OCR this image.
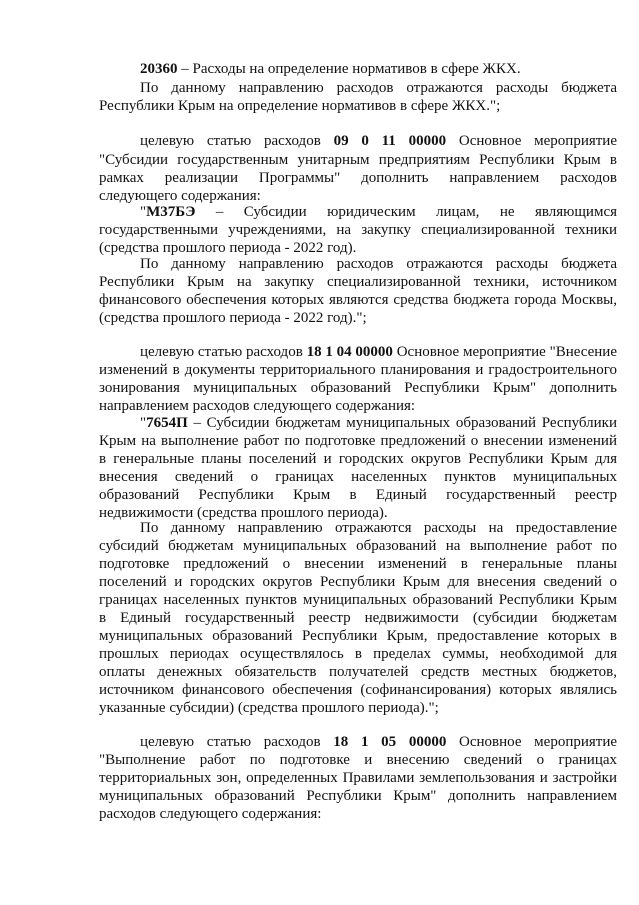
20360 – Расходы на определение нормативов в сфере ЖКХ.
По данному направлению расходов отражаются расходы бюджета
Республики Крым на определение нормативов в сфере ЖКХ.";
целевую статью расходов 09 0 11 00000 Основное мероприятие
"Субсидии государственным унитарным предприятиям Республики Крым в
рамках реализации Программы" дополнить направлением расходов
следующего содержания:
"М37БЭ – Субсидии юридическим лицам, не являющимся
государственными учреждениями, на закупку специализированной техники
(средства прошлого периода - 2022 год).
По данному направлению расходов отражаются расходы бюджета
Республики Крым на закупку специализированной техники, источником
финансового обеспечения которых являются средства бюджета города Москвы,
(средства прошлого периода - 2022 год).";
целевую статью расходов 18 1 04 00000 Основное мероприятие "Внесение
изменений в документы территориального планирования и градостроительного
зонирования муниципальных образований Республики Крым" дополнить
направлением расходов следующего содержания:
"7654П – Субсидии бюджетам муниципальных образований Республики
Крым на выполнение работ по подготовке предложений о внесении изменений
в генеральные планы поселений и городских округов Республики Крым для
внесения сведений о границах населенных пунктов муниципальных
образований Республики Крым в Единый государственный реестр
недвижимости (средства прошлого периода).
По данному направлению отражаются расходы на предоставление
субсидий бюджетам муниципальных образований на выполнение работ по
подготовке предложений о внесении изменений в генеральные планы
поселений и городских округов Республики Крым для внесения сведений о
границах населенных пунктов муниципальных образований Республики Крым
в Единый государственный реестр недвижимости (субсидии бюджетам
муниципальных образований Республики Крым, предоставление которых в
прошлых периодах осуществлялось в пределах суммы, необходимой для
оплаты денежных обязательств получателей средств местных бюджетов,
источником финансового обеспечения (софинансирования) которых являлись
указанные субсидии) (средства прошлого периода).";
целевую статью расходов 18 1 05 00000 Основное мероприятие
"Выполнение работ по подготовке и внесению сведений о границах
территориальных зон, определенных Правилами землепользования и застройки
муниципальных образований Республики Крым" дополнить направлением
расходов следующего содержания:
